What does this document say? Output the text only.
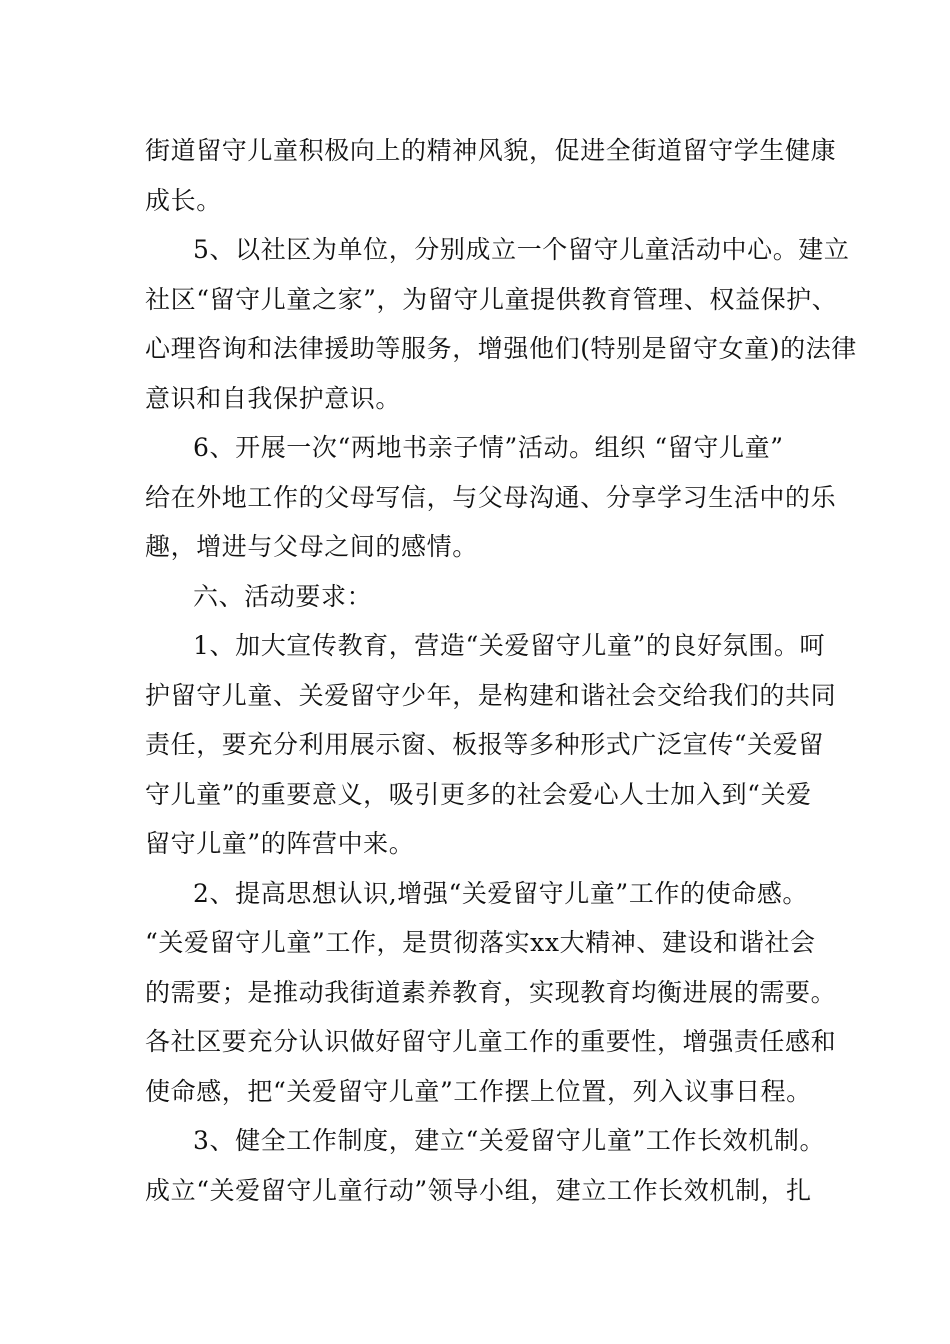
街道留守儿童积极向上的精神风貌，促进全街道留守学生健康
成长。
5、以社区为单位，分别成立一个留守儿童活动中心。建立
社区“留守儿童之家”，为留守儿童提供教育管理、权益保护、
心理咨询和法律援助等服务，增强他们(特别是留守女童)的法律
意识和自我保护意识。
6、开展一次“两地书亲子情”活动。组织 “留守儿童”
给在外地工作的父母写信，与父母沟通、分享学习生活中的乐
趣，增进与父母之间的感情。
六、活动要求：
1、加大宣传教育，营造“关爱留守儿童”的良好氛围。呵
护留守儿童、关爱留守少年，是构建和谐社会交给我们的共同
责任，要充分利用展示窗、板报等多种形式广泛宣传“关爱留
守儿童”的重要意义，吸引更多的社会爱心人士加入到“关爱
留守儿童”的阵营中来。
2、提高思想认识,增强“关爱留守儿童”工作的使命感。
“关爱留守儿童”工作，是贯彻落实xx大精神、建设和谐社会
的需要；是推动我街道素养教育，实现教育均衡进展的需要。
各社区要充分认识做好留守儿童工作的重要性，增强责任感和
使命感，把“关爱留守儿童”工作摆上位置，列入议事日程。
3、健全工作制度，建立“关爱留守儿童”工作长效机制。
成立“关爱留守儿童行动”领导小组，建立工作长效机制，扎
